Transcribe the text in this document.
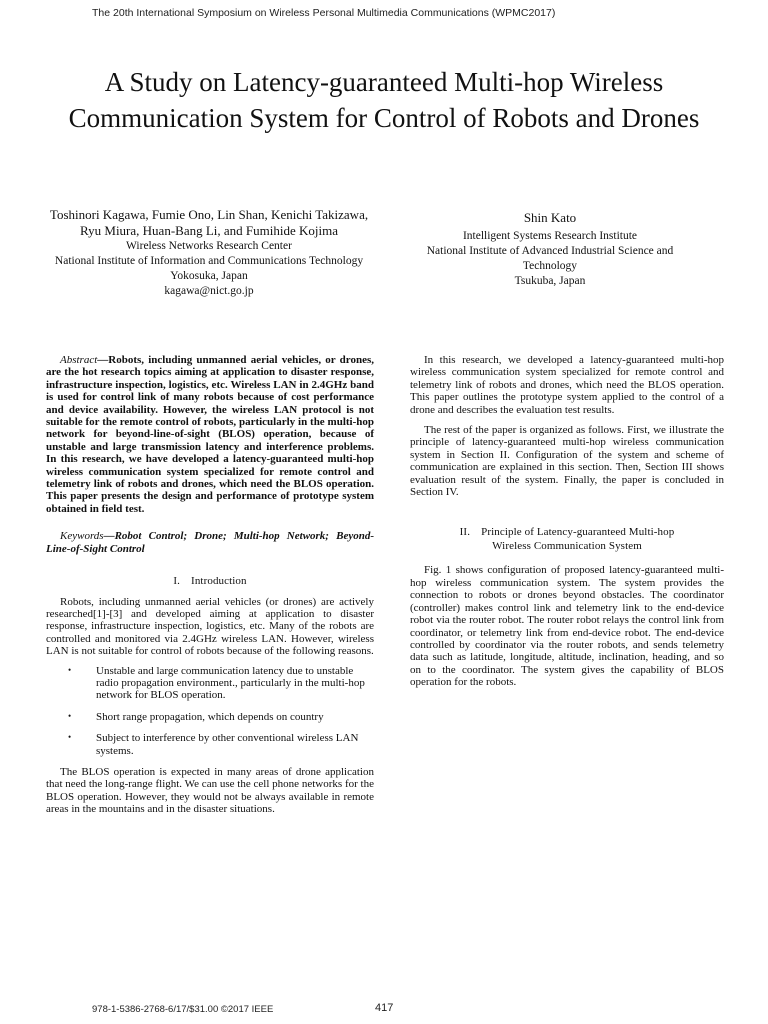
The 20th International Symposium on Wireless Personal Multimedia Communications (WPMC2017)
A Study on Latency-guaranteed Multi-hop Wireless Communication System for Control of Robots and Drones
Toshinori Kagawa, Fumie Ono, Lin Shan, Kenichi Takizawa, Ryu Miura, Huan-Bang Li, and Fumihide Kojima
Wireless Networks Research Center
National Institute of Information and Communications Technology
Yokosuka, Japan
kagawa@nict.go.jp
Shin Kato
Intelligent Systems Research Institute
National Institute of Advanced Industrial Science and Technology
Tsukuba, Japan

Abstract—Robots, including unmanned aerial vehicles, or drones, are the hot research topics aiming at application to disaster response, infrastructure inspection, logistics, etc. Wireless LAN in 2.4GHz band is used for control link of many robots because of cost performance and device availability. However, the wireless LAN protocol is not suitable for the remote control of robots, particularly in the multi-hop network for beyond-line-of-sight (BLOS) operation, because of unstable and large transmission latency and interference problems. In this research, we have developed a latency-guaranteed multi-hop wireless communication system specialized for remote control and telemetry link of robots and drones, which need the BLOS operation. This paper presents the design and performance of prototype system obtained in field test.

Keywords—Robot Control; Drone; Multi-hop Network; Beyond-Line-of-Sight Control

I. Introduction

Robots, including unmanned aerial vehicles (or drones) are actively researched[1]-[3] and developed aiming at application to disaster response, infrastructure inspection, logistics, etc. Many of the robots are controlled and monitored via 2.4GHz wireless LAN. However, wireless LAN is not suitable for control of robots because of the following reasons.

• Unstable and large communication latency due to unstable radio propagation environment., particularly in the multi-hop network for BLOS operation.
• Short range propagation, which depends on country
• Subject to interference by other conventional wireless LAN systems.

The BLOS operation is expected in many areas of drone application that need the long-range flight. We can use the cell phone networks for the BLOS operation. However, they would not be always available in remote areas in the mountains and in the disaster situations.

In this research, we developed a latency-guaranteed multi-hop wireless communication system specialized for remote control and telemetry link of robots and drones, which need the BLOS operation. This paper outlines the prototype system applied to the control of a drone and describes the evaluation test results.

The rest of the paper is organized as follows. First, we illustrate the principle of latency-guaranteed multi-hop wireless communication system in Section II. Configuration of the system and scheme of communication are explained in this section. Then, Section III shows evaluation result of the system. Finally, the paper is concluded in Section IV.

II. Principle of Latency-guaranteed Multi-hop
Wireless Communication System

Fig. 1 shows configuration of proposed latency-guaranteed multi-hop wireless communication system. The system provides the connection to robots or drones beyond obstacles. The coordinator (controller) makes control link and telemetry link to the end-device robot via the router robot. The router robot relays the control link from coordinator, or telemetry link from end-device robot. The end-device controlled by coordinator via the router robots, and sends telemetry data such as latitude, longitude, altitude, inclination, heading, and so on to the coordinator. The system gives the capability of BLOS operation for the robots.

978-1-5386-2768-6/17/$31.00 ©2017 IEEE	417
